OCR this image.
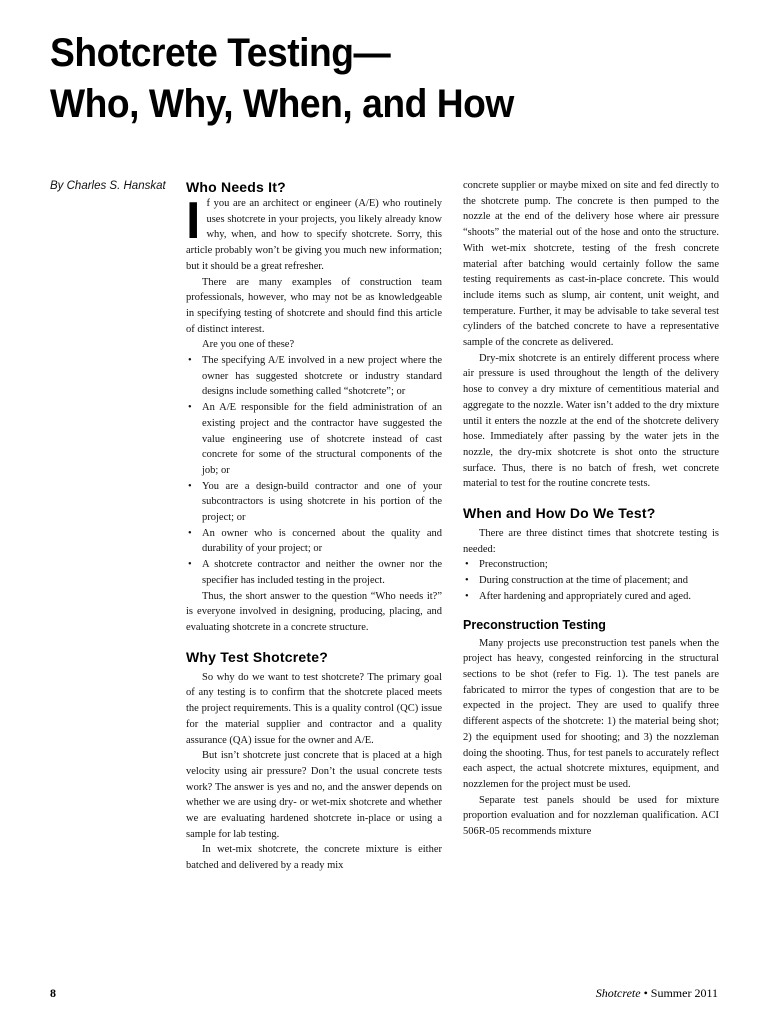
Shotcrete Testing—
Who, Why, When, and How
By Charles S. Hanskat Who Needs It?

If you are an architect or engineer (A/E) who routinely uses shotcrete in your projects, you likely already know why, when, and how to specify shotcrete. Sorry, this article probably won’t be giving you much new information; but it should be a great refresher.

There are many examples of construction team professionals, however, who may not be as knowledgeable in specifying testing of shotcrete and should find this article of distinct interest.

Are you one of these?

• The specifying A/E involved in a new project where the owner has suggested shotcrete or industry standard designs include something called “shotcrete”; or
• An A/E responsible for the field administration of an existing project and the contractor have suggested the value engineering use of shotcrete instead of cast concrete for some of the structural components of the job; or
• You are a design-build contractor and one of your subcontractors is using shotcrete in his portion of the project; or
• An owner who is concerned about the quality and durability of your project; or
• A shotcrete contractor and neither the owner nor the specifier has included testing in the project.

Thus, the short answer to the question “Who needs it?” is everyone involved in designing, producing, placing, and evaluating shotcrete in a concrete structure.

Why Test Shotcrete?

So why do we want to test shotcrete? The primary goal of any testing is to confirm that the shotcrete placed meets the project requirements. This is a quality control (QC) issue for the material supplier and contractor and a quality assurance (QA) issue for the owner and A/E.

But isn’t shotcrete just concrete that is placed at a high velocity using air pressure? Don’t the usual concrete tests work? The answer is yes and no, and the answer depends on whether we are using dry- or wet-mix shotcrete and whether we are evaluating hardened shotcrete in-place or using a sample for lab testing.

In wet-mix shotcrete, the concrete mixture is either batched and delivered by a ready mix

concrete supplier or maybe mixed on site and fed directly to the shotcrete pump. The concrete is then pumped to the nozzle at the end of the delivery hose where air pressure “shoots” the material out of the hose and onto the structure. With wet-mix shotcrete, testing of the fresh concrete material after batching would certainly follow the same testing requirements as cast-in-place concrete. This would include items such as slump, air content, unit weight, and temperature. Further, it may be advisable to take several test cylinders of the batched concrete to have a representative sample of the concrete as delivered.

Dry-mix shotcrete is an entirely different process where air pressure is used throughout the length of the delivery hose to convey a dry mixture of cementitious material and aggregate to the nozzle. Water isn’t added to the dry mixture until it enters the nozzle at the end of the shotcrete delivery hose. Immediately after passing by the water jets in the nozzle, the dry-mix shotcrete is shot onto the structure surface. Thus, there is no batch of fresh, wet concrete material to test for the routine concrete tests.

When and How Do We Test?

There are three distinct times that shotcrete testing is needed:

• Preconstruction;
• During construction at the time of placement; and
• After hardening and appropriately cured and aged.
Preconstruction Testing

Many projects use preconstruction test panels when the project has heavy, congested reinforcing in the structural sections to be shot (refer to Fig. 1). The test panels are fabricated to mirror the types of congestion that are to be expected in the project. They are used to qualify three different aspects of the shotcrete: 1) the material being shot; 2) the equipment used for shooting; and 3) the nozzleman doing the shooting. Thus, for test panels to accurately reflect each aspect, the actual shotcrete mixtures, equipment, and nozzlemen for the project must be used.

Separate test panels should be used for mixture proportion evaluation and for nozzleman qualification. ACI 506R-05 recommends mixture

8	Shotcrete • Summer 2011
